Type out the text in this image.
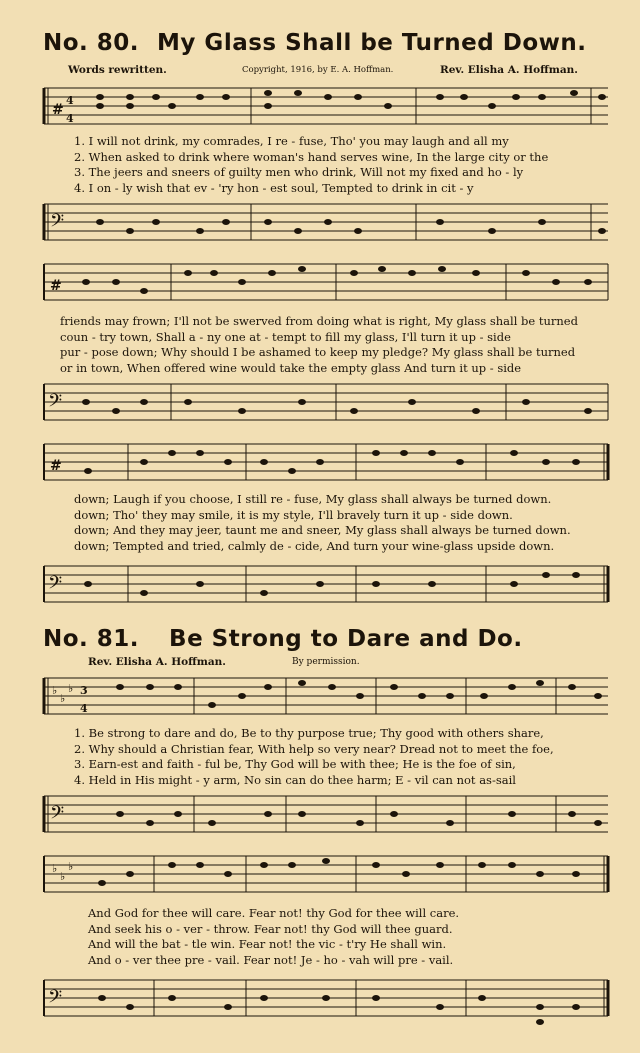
No. 80. My Glass Shall be Turned Down.
Words rewritten.	Copyright, 1916, by E. A. Hoffman.	Rev. Elisha A. Hoffman.
#
4
4
1. I will not drink, my comrades, I re - fuse, Tho' you may laugh and all my
2. When asked to drink where woman's hand serves wine, In the large city or the
3. The jeers and sneers of guilty men who drink, Will not my fixed and ho - ly
4. I on - ly wish that ev - 'ry hon - est soul, Tempted to drink in cit - y
𝄢
#
friends may frown; I'll not be swerved from doing what is right, My glass shall be turned
coun - try town, Shall a - ny one at - tempt to fill my glass, I'll turn it up - side
pur - pose down; Why should I be ashamed to keep my pledge? My glass shall be turned
or in town, When offered wine would take the empty glass And turn it up - side
𝄢
#
down; Laugh if you choose, I still re - fuse, My glass shall always be turned down.
down; Tho' they may smile, it is my style, I'll bravely turn it up - side down.
down; And they may jeer, taunt me and sneer, My glass shall always be turned down.
down; Tempted and tried, calmly de - cide, And turn your wine-glass upside down.
𝄢
No. 81. Be Strong to Dare and Do.
Rev. Elisha A. Hoffman.	By permission.
♭
♭
♭ 3
4
1. Be strong to dare and do, Be to thy purpose true; Thy good with others share,
2. Why should a Christian fear, With help so very near? Dread not to meet the foe,
3. Earn-est and faith - ful be, Thy God will be with thee; He is the foe of sin,
4. Held in His might - y arm, No sin can do thee harm; E - vil can not as-sail
𝄢
♭
♭
♭
And God for thee will care. Fear not! thy God for thee will care.
And seek his o - ver - throw. Fear not! thy God will thee guard.
And will the bat - tle win. Fear not! the vic - t'ry He shall win.
And o - ver thee pre - vail. Fear not! Je - ho - vah will pre - vail.
𝄢
